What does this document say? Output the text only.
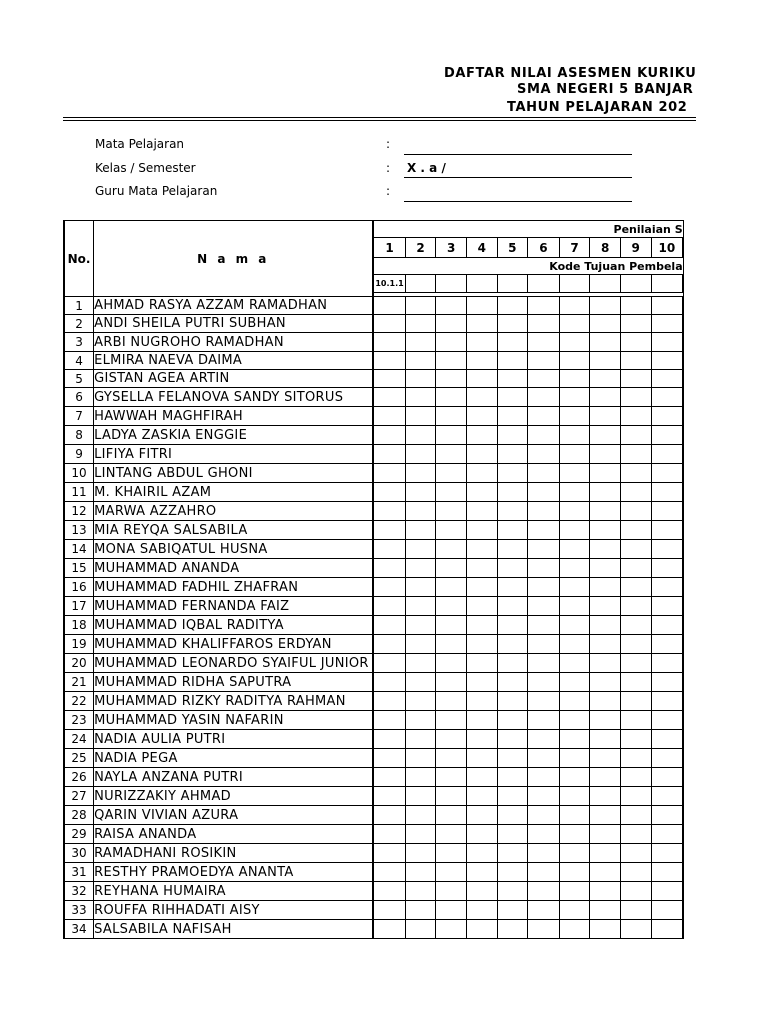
DAFTAR NILAI ASESMEN KURIKU
SMA NEGERI 5 BANJAR
TAHUN PELAJARAN 202
Mata Pelajaran	:
Kelas / Semester	: X . a /
Guru Mata Pelajaran	:
No.	N a m a	Penilaian S										
		1	2	3	4	5	6	7	8	9	10	
		Kode Tujuan Pembela										
		10.1.1										

1	AHMAD RASYA AZZAM RAMADHAN											
2	ANDI SHEILA PUTRI SUBHAN											
3	ARBI NUGROHO RAMADHAN											
4	ELMIRA NAEVA DAIMA											
5	GISTAN AGEA ARTIN											
6	GYSELLA FELANOVA SANDY SITORUS											
7	HAWWAH MAGHFIRAH											
8	LADYA ZASKIA ENGGIE											
9	LIFIYA FITRI											
10	LINTANG ABDUL GHONI											
11	M. KHAIRIL AZAM											
12	MARWA AZZAHRO											
13	MIA REYQA SALSABILA											
14	MONA SABIQATUL HUSNA											
15	MUHAMMAD ANANDA											
16	MUHAMMAD FADHIL ZHAFRAN											
17	MUHAMMAD FERNANDA FAIZ											
18	MUHAMMAD IQBAL RADITYA											
19	MUHAMMAD KHALIFFAROS ERDYAN											
20	MUHAMMAD LEONARDO SYAIFUL JUNIOR											
21	MUHAMMAD RIDHA SAPUTRA											
22	MUHAMMAD RIZKY RADITYA RAHMAN											
23	MUHAMMAD YASIN NAFARIN											
24	NADIA AULIA PUTRI											
25	NADIA PEGA											
26	NAYLA ANZANA PUTRI											
27	NURIZZAKIY AHMAD											
28	QARIN VIVIAN AZURA											
29	RAISA ANANDA											
30	RAMADHANI ROSIKIN											
31	RESTHY PRAMOEDYA ANANTA											
32	REYHANA HUMAIRA											
33	ROUFFA RIHHADATI AISY											
34	SALSABILA NAFISAH											
